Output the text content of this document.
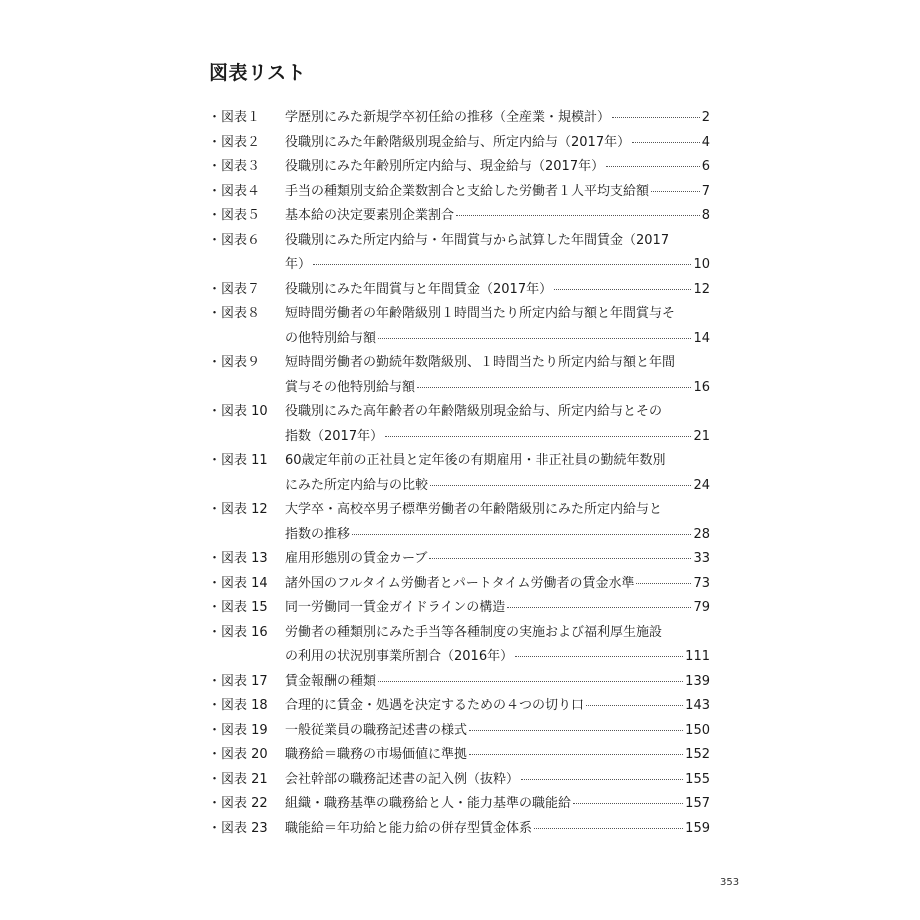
図表リスト
・図表１	学歴別にみた新規学卒初任給の推移（全産業・規模計）	2
・図表２	役職別にみた年齢階級別現金給与、所定内給与（2017年）	4
・図表３	役職別にみた年齢別所定内給与、現金給与（2017年）	6
・図表４	手当の種類別支給企業数割合と支給した労働者１人平均支給額	7
・図表５	基本給の決定要素別企業割合	8
・図表６	役職別にみた所定内給与・年間賞与から試算した年間賃金（2017
年）	10
・図表７	役職別にみた年間賞与と年間賃金（2017年）	12
・図表８	短時間労働者の年齢階級別１時間当たり所定内給与額と年間賞与そ
の他特別給与額	14
・図表９	短時間労働者の勤続年数階級別、１時間当たり所定内給与額と年間
賞与その他特別給与額	16
・図表 10	役職別にみた高年齢者の年齢階級別現金給与、所定内給与とその
指数（2017年）	21
・図表 11	60歳定年前の正社員と定年後の有期雇用・非正社員の勤続年数別
にみた所定内給与の比較	24
・図表 12	大学卒・高校卒男子標準労働者の年齢階級別にみた所定内給与と
指数の推移	28
・図表 13	雇用形態別の賃金カーブ	33
・図表 14	諸外国のフルタイム労働者とパートタイム労働者の賃金水準	73
・図表 15	同一労働同一賃金ガイドラインの構造	79
・図表 16	労働者の種類別にみた手当等各種制度の実施および福利厚生施設
の利用の状況別事業所割合（2016年）	111
・図表 17	賃金報酬の種類	139
・図表 18	合理的に賃金・処遇を決定するための４つの切り口	143
・図表 19	一般従業員の職務記述書の様式	150
・図表 20	職務給＝職務の市場価値に準拠	152
・図表 21	会社幹部の職務記述書の記入例（抜粋）	155
・図表 22	組織・職務基準の職務給と人・能力基準の職能給	157
・図表 23	職能給＝年功給と能力給の併存型賃金体系	159
353
